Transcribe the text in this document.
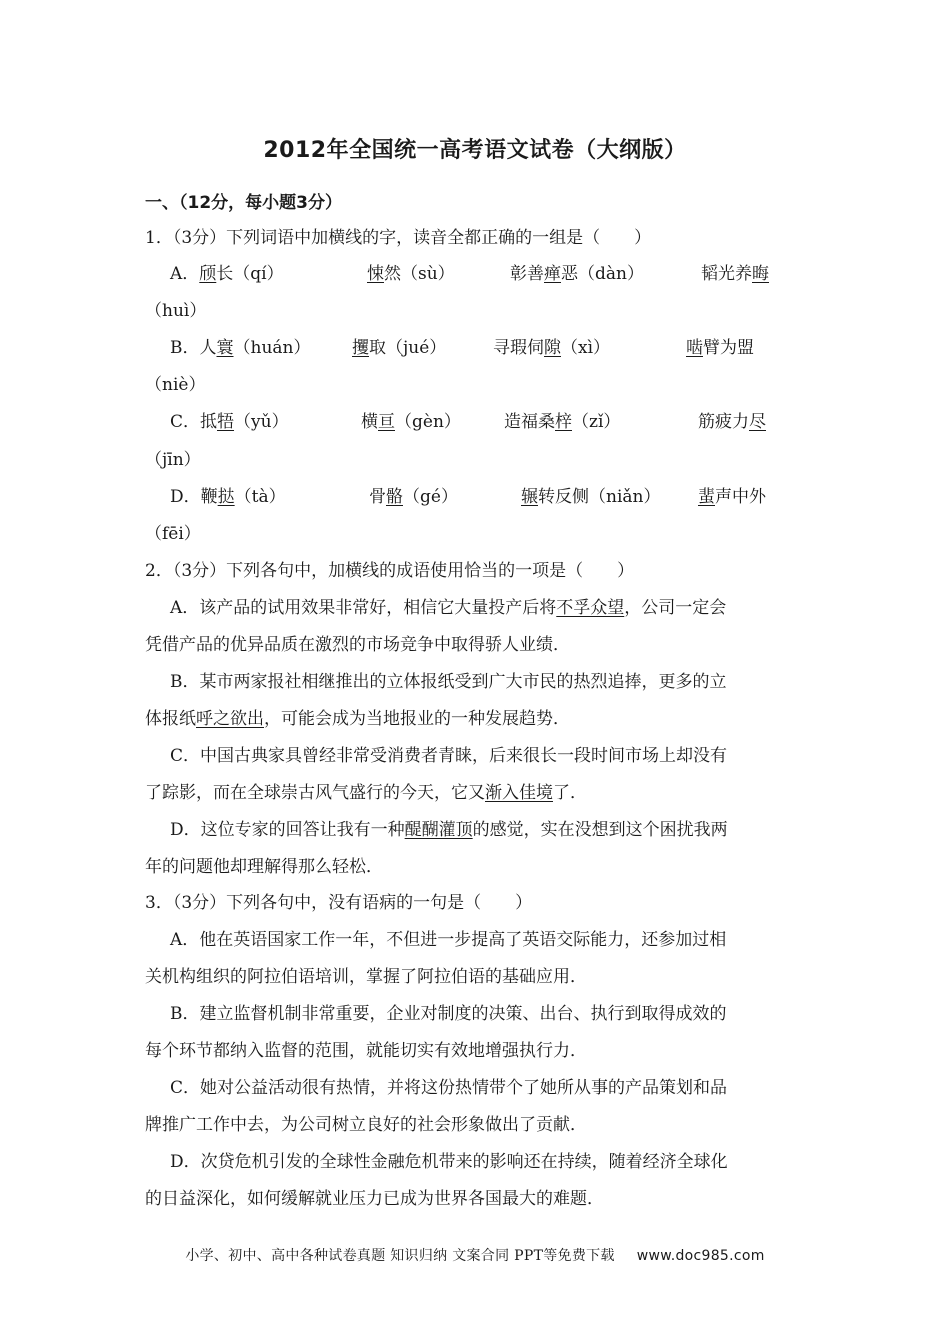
2012年全国统一高考语文试卷（大纲版）
一、（12分，每小题3分）
1．（3分）下列词语中加横线的字，读音全都正确的一组是（　　）
A．颀长（qí）	悚然（sù）	彰善瘅恶（dàn）	韬光养晦
（huì）
B．人寰（huán） 攫取（jué）	寻瑕伺隙（xì）	啮臂为盟
（niè）
C．抵牾（yǔ）	横亘（gèn）	造福桑梓（zǐ）	筋疲力尽
（jīn）
D．鞭挞（tà）	骨骼（gé）	辗转反侧（niǎn） 蜚声中外
（fēi）
2．（3分）下列各句中，加横线的成语使用恰当的一项是（　　）
A．该产品的试用效果非常好，相信它大量投产后将不孚众望，公司一定会
凭借产品的优异品质在激烈的市场竞争中取得骄人业绩．
B．某市两家报社相继推出的立体报纸受到广大市民的热烈追捧，更多的立
体报纸呼之欲出，可能会成为当地报业的一种发展趋势．
C．中国古典家具曾经非常受消费者青睐，后来很长一段时间市场上却没有
了踪影，而在全球崇古风气盛行的今天，它又渐入佳境了．
D．这位专家的回答让我有一种醍醐灌顶的感觉，实在没想到这个困扰我两
年的问题他却理解得那么轻松．
3．（3分）下列各句中，没有语病的一句是（　　）
A．他在英语国家工作一年，不但进一步提高了英语交际能力，还参加过相
关机构组织的阿拉伯语培训，掌握了阿拉伯语的基础应用．
B．建立监督机制非常重要，企业对制度的决策、出台、执行到取得成效的
每个环节都纳入监督的范围，就能切实有效地增强执行力．
C．她对公益活动很有热情，并将这份热情带个了她所从事的产品策划和品
牌推广工作中去，为公司树立良好的社会形象做出了贡献．
D．次贷危机引发的全球性金融危机带来的影响还在持续，随着经济全球化
的日益深化，如何缓解就业压力已成为世界各国最大的难题．
小学、初中、高中各种试卷真题 知识归纳 文案合同 PPT等免费下载 www.doc985.com
